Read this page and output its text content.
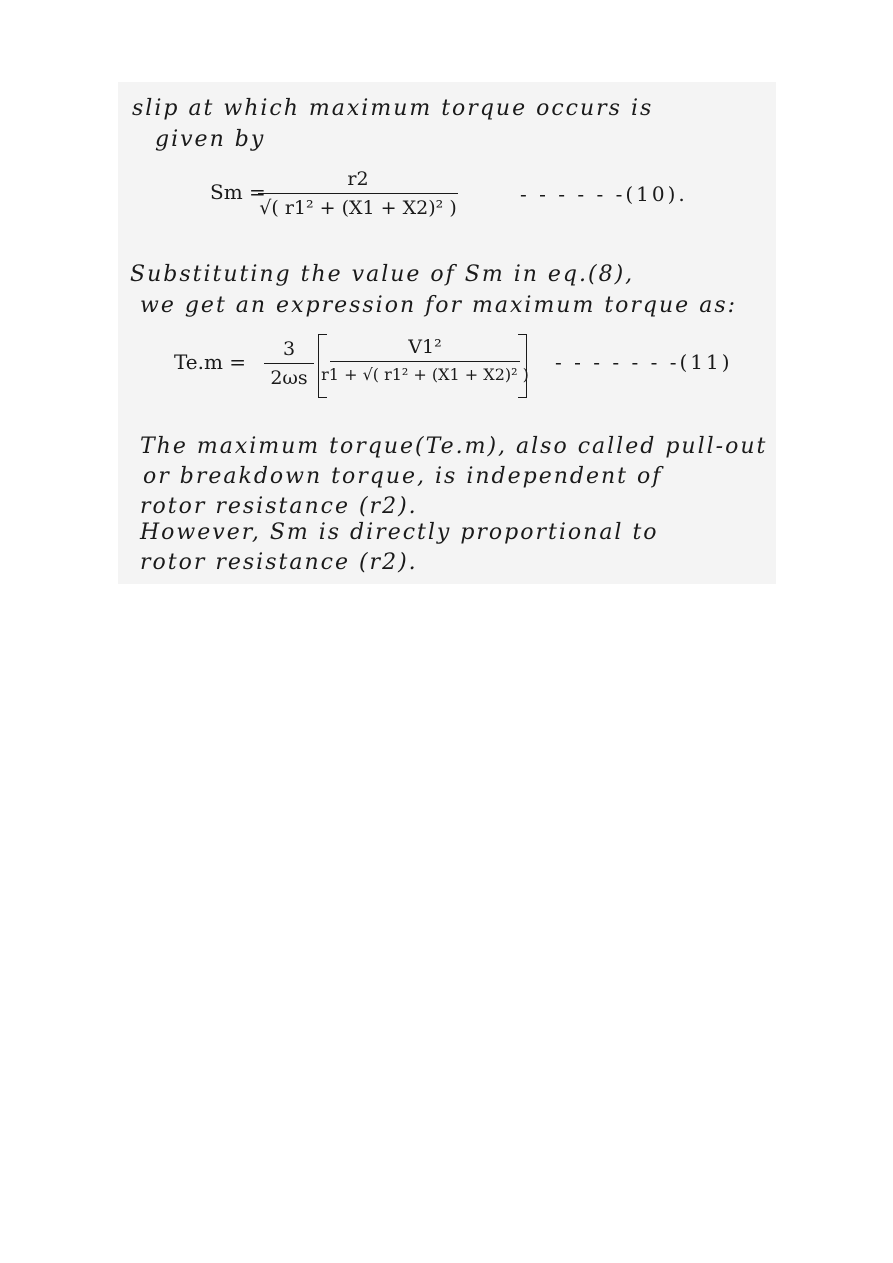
slip at which maximum torque occurs is
given by
Sm =
r2
√( r1² + (X1 + X2)² )
- - - - - -(10).
Substituting the value of Sm in eq.(8),
we get an expression for maximum torque as:
Te.m =
3
2ωs
V1²
r1 + √( r1² + (X1 + X2)² )
- - - - - - -(11)
The maximum torque(Te.m), also called pull-out
or breakdown torque, is independent of
rotor resistance (r2).
However, Sm is directly proportional to
rotor resistance (r2).
